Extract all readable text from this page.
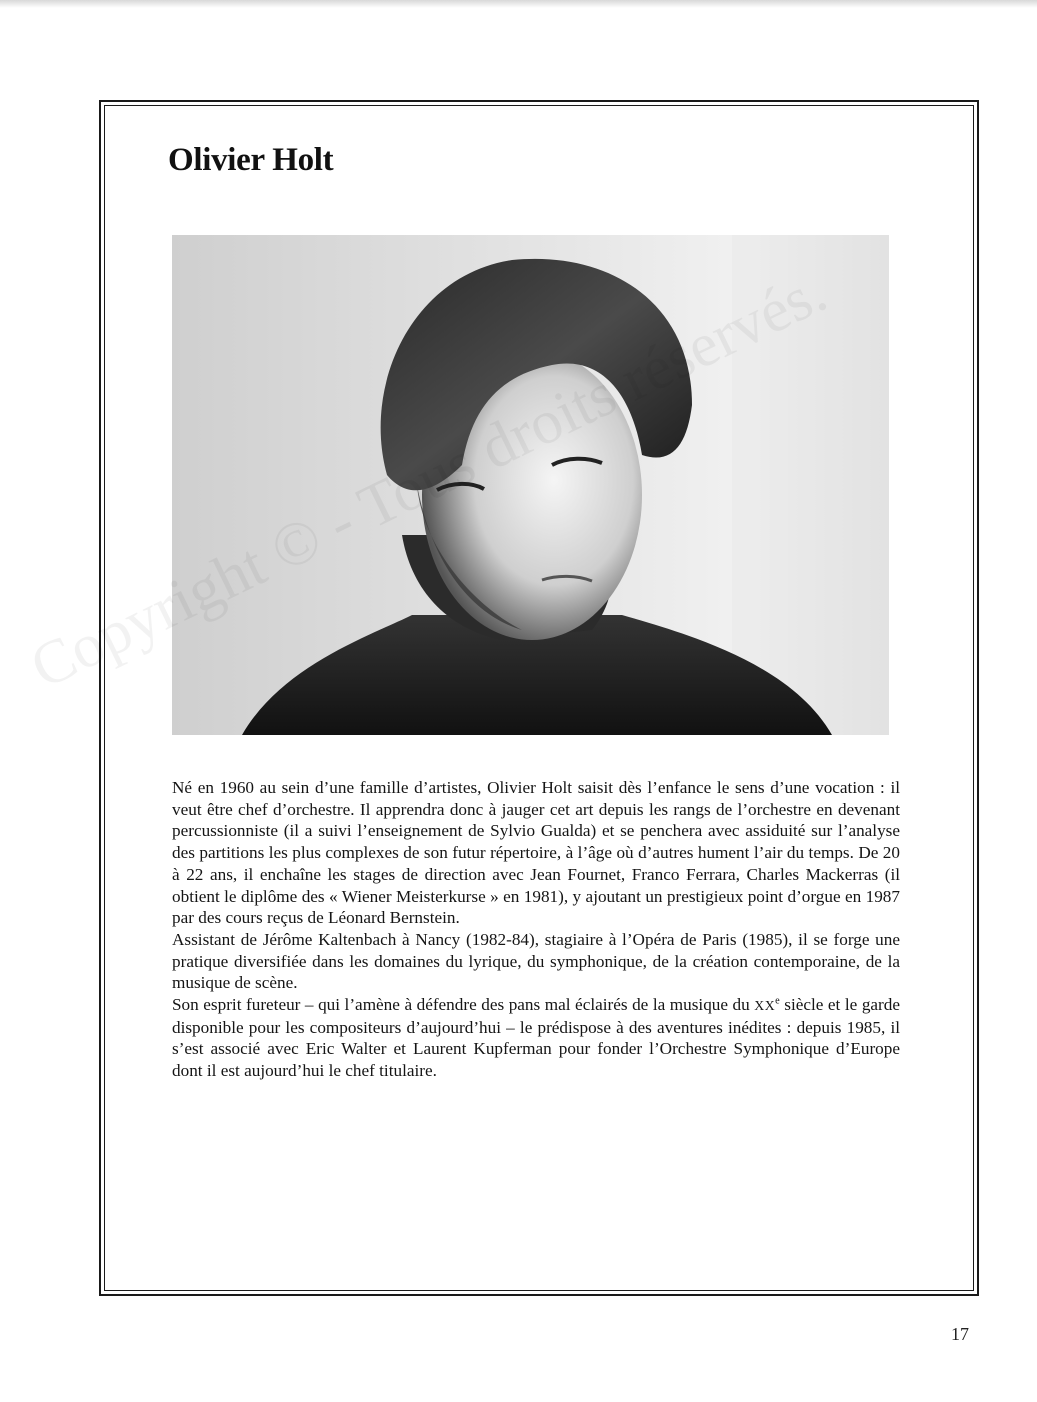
Olivier Holt

Né en 1960 au sein d’une famille d’artistes, Olivier Holt saisit dès l’enfance le sens d’une vocation : il veut être chef d’orchestre. Il apprendra donc à jauger cet art depuis les rangs de l’orchestre en devenant percussionniste (il a suivi l’enseignement de Sylvio Gualda) et se penchera avec assiduité sur l’analyse des partitions les plus complexes de son futur répertoire, à l’âge où d’autres hument l’air du temps. De 20 à 22 ans, il enchaîne les stages de direction avec Jean Fournet, Franco Ferrara, Charles Mackerras (il obtient le diplôme des « Wiener Meisterkurse » en 1981), y ajoutant un prestigieux point d’orgue en 1987 par des cours reçus de Léonard Bernstein.

Assistant de Jérôme Kaltenbach à Nancy (1982-84), stagiaire à l’Opéra de Paris (1985), il se forge une pratique diversifiée dans les domaines du lyrique, du symphonique, de la création contemporaine, de la musique de scène.

Son esprit fureteur – qui l’amène à défendre des pans mal éclairés de la musique du XXe siècle et le garde disponible pour les compositeurs d’aujourd’hui – le prédispose à des aventures inédites : depuis 1985, il s’est associé avec Eric Walter et Laurent Kupferman pour fonder l’Orchestre Symphonique d’Europe dont il est aujourd’hui le chef titulaire.

Copyright
17
